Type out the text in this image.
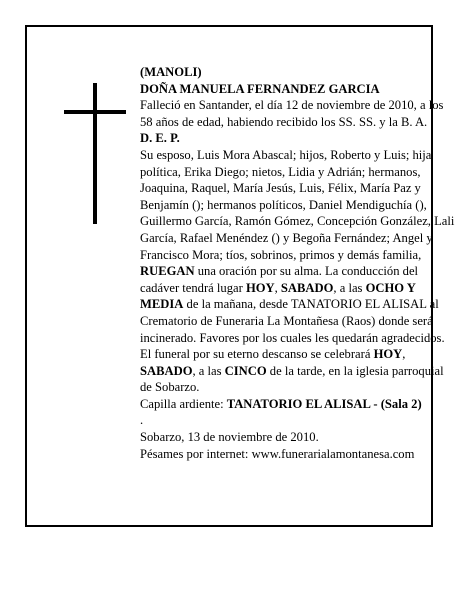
(MANOLI)

DOÑA MANUELA FERNANDEZ GARCIA

Falleció en Santander, el día 12 de noviembre de 2010, a los 58 años de edad, habiendo recibido los SS. SS. y la B. A.

D. E. P.

Su esposo, Luis Mora Abascal; hijos, Roberto y Luis; hija política, Erika Diego; nietos, Lidia y Adrián; hermanos, Joaquina, Raquel, María Jesús, Luis, Félix, María Paz y Benjamín (); hermanos políticos, Daniel Mendiguchía (), Guillermo García, Ramón Gómez, Concepción González, Lali García, Rafael Menéndez () y Begoña Fernández; Angel y Francisco Mora; tíos, sobrinos, primos y demás familia,

RUEGAN una oración por su alma. La conducción del cadáver tendrá lugar HOY, SABADO, a las OCHO Y MEDIA de la mañana, desde TANATORIO EL ALISAL al Crematorio de Funeraria La Montañesa (Raos) donde será incinerado. Favores por los cuales les quedarán agradecidos. El funeral por su eterno descanso se celebrará HOY, SABADO, a las CINCO de la tarde, en la iglesia parroquial de Sobarzo.

Capilla ardiente: TANATORIO EL ALISAL - (Sala 2)
.

Sobarzo, 13 de noviembre de 2010.

Pésames por internet: www.funerarialamontanesa.com
